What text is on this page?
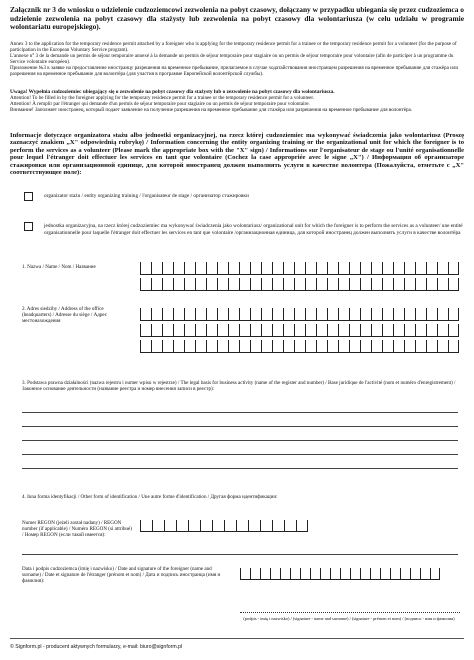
Załącznik nr 3 do wniosku o udzielenie cudzoziemcowi zezwolenia na pobyt czasowy, dołączany w przypadku ubiegania się przez cudzoziemca o udzielenie zezwolenia na pobyt czasowy dla stażysty lub zezwolenia na pobyt czasowy dla wolontariusza (w celu udziału w programie wolontariatu europejskiego).
Annex 3 to the application for the temporary residence permit attached by a foreigner who is applying for the temporary residence permit for a trainee or the temporary residence permit for a volunteer (for the purpose of participation in the European Voluntary Service program).
L'annexe n° 3 de la demande un permis de séjour temporaire annexé à la demande un permis de séjour temporaire pour stagiaire ou un permis de séjour temporaire pour volontaire (afin de participer à un programme du Service volontaire européen).
Приложение №3 к заявке на предоставление иностранцу разрешения на временное пребывание, прилагаемое в случае ходатайствования иностранцем разрешения на временное пребывание для стажёра или разрешения на временное пребывание для волонтёра (для участия в программе Европейской волонтёрской службы).
Uwaga! Wypełnia cudzoziemiec ubiegający się o zezwolenie na pobyt czasowy dla stażysty lub o zezwolenie na pobyt czasowy dla wolontariusza.
Attention! To be filled in by the foreigner applying for the temporary residence permit for a trainee or the temporary residence permit for a volunteer.
Attention! À remplir par l'étranger qui demande d'un permis de séjour temporaire pour stagiaire ou un permis de séjour temporaire pour volontaire.
Внимание! Заполняет иностранец, который подает заявление на получение разрешения на временное пребывание для стажёра или разрешения на временное пребывание для волонтёра.
Informacje dotyczące organizatora stażu albo jednostki organizacyjnej, na rzecz której cudzoziemiec ma wykonywać świadczenia jako wolontariusz (Proszę zaznaczyć znakiem „X" odpowiednią rubrykę) / Information concerning the entity organizing training or the organizational unit for which the foreigner is to perform the services as a volunteer (Please mark the appropriate box with the "X" sign) / Informations sur l'organisateur de stage ou l'unité organisationnelle pour lequel l'étranger doit effectuer les services en tant que volontaire (Cochez la case appropriée avec le signe „X") / Информация об организаторе стажировки или организационной единице, для которой иностранец должен выполнять услуги в качестве волонтера (Пожалуйста, отметьте с „X" соответствующее поле):
organizator stażu / entity organizing training / l'organisateur de stage / организатор стажировки
jednostka organizacyjna, na rzecz której cudzoziemiec ma wykonywać świadczenia jako wolontariusz/ organizational unit for which the foreigner is to perform the services as a volunteer/ une entité organisationnelle pour laquelle l'étranger doit effectuer les services en tant que volontaire /организационная единица, для которой иностранец должен выполнять услуги в качестве волонтёра
1. Nazwa / Name / Nom / Название
2. Adres siedziby / Address of the office (headquarters) / Adresse du siège / Адрес местонахождения
3. Podstawa prawna działalności (nazwa rejestru i numer wpisu w rejestrze) / The legal basis for business activity (name of the register and number) / Base juridique de l'activité (nom et numéro d'enregistrement) / Законное основание деятельности (название реестра и номер внесения записи в реестр):
4. Inna forma identyfikacji / Other form of identification / Une autre forme d'identification / Другая форма идентификации:
Numer REGON (jeżeli został nadany) / REGON number (if applicable) / Numéro REGON (si attribué) / Номер REGON (если такой имеется):
Data i podpis cudzoziemca (imię i nazwisko) / Date and signature of the foreigner (name and surname) / Date et signature de l'étranger (prénom et nom) / Дата и подпись иностранца (имя и фамилия):
(podpis - imię i nazwisko) / (signature - name and surname) / (signature - prénom et nom) / (подпись - имя и фамилия)
© Signform.pl - producent aktywnych formularzy, e-mail: biuro@signform.pl
